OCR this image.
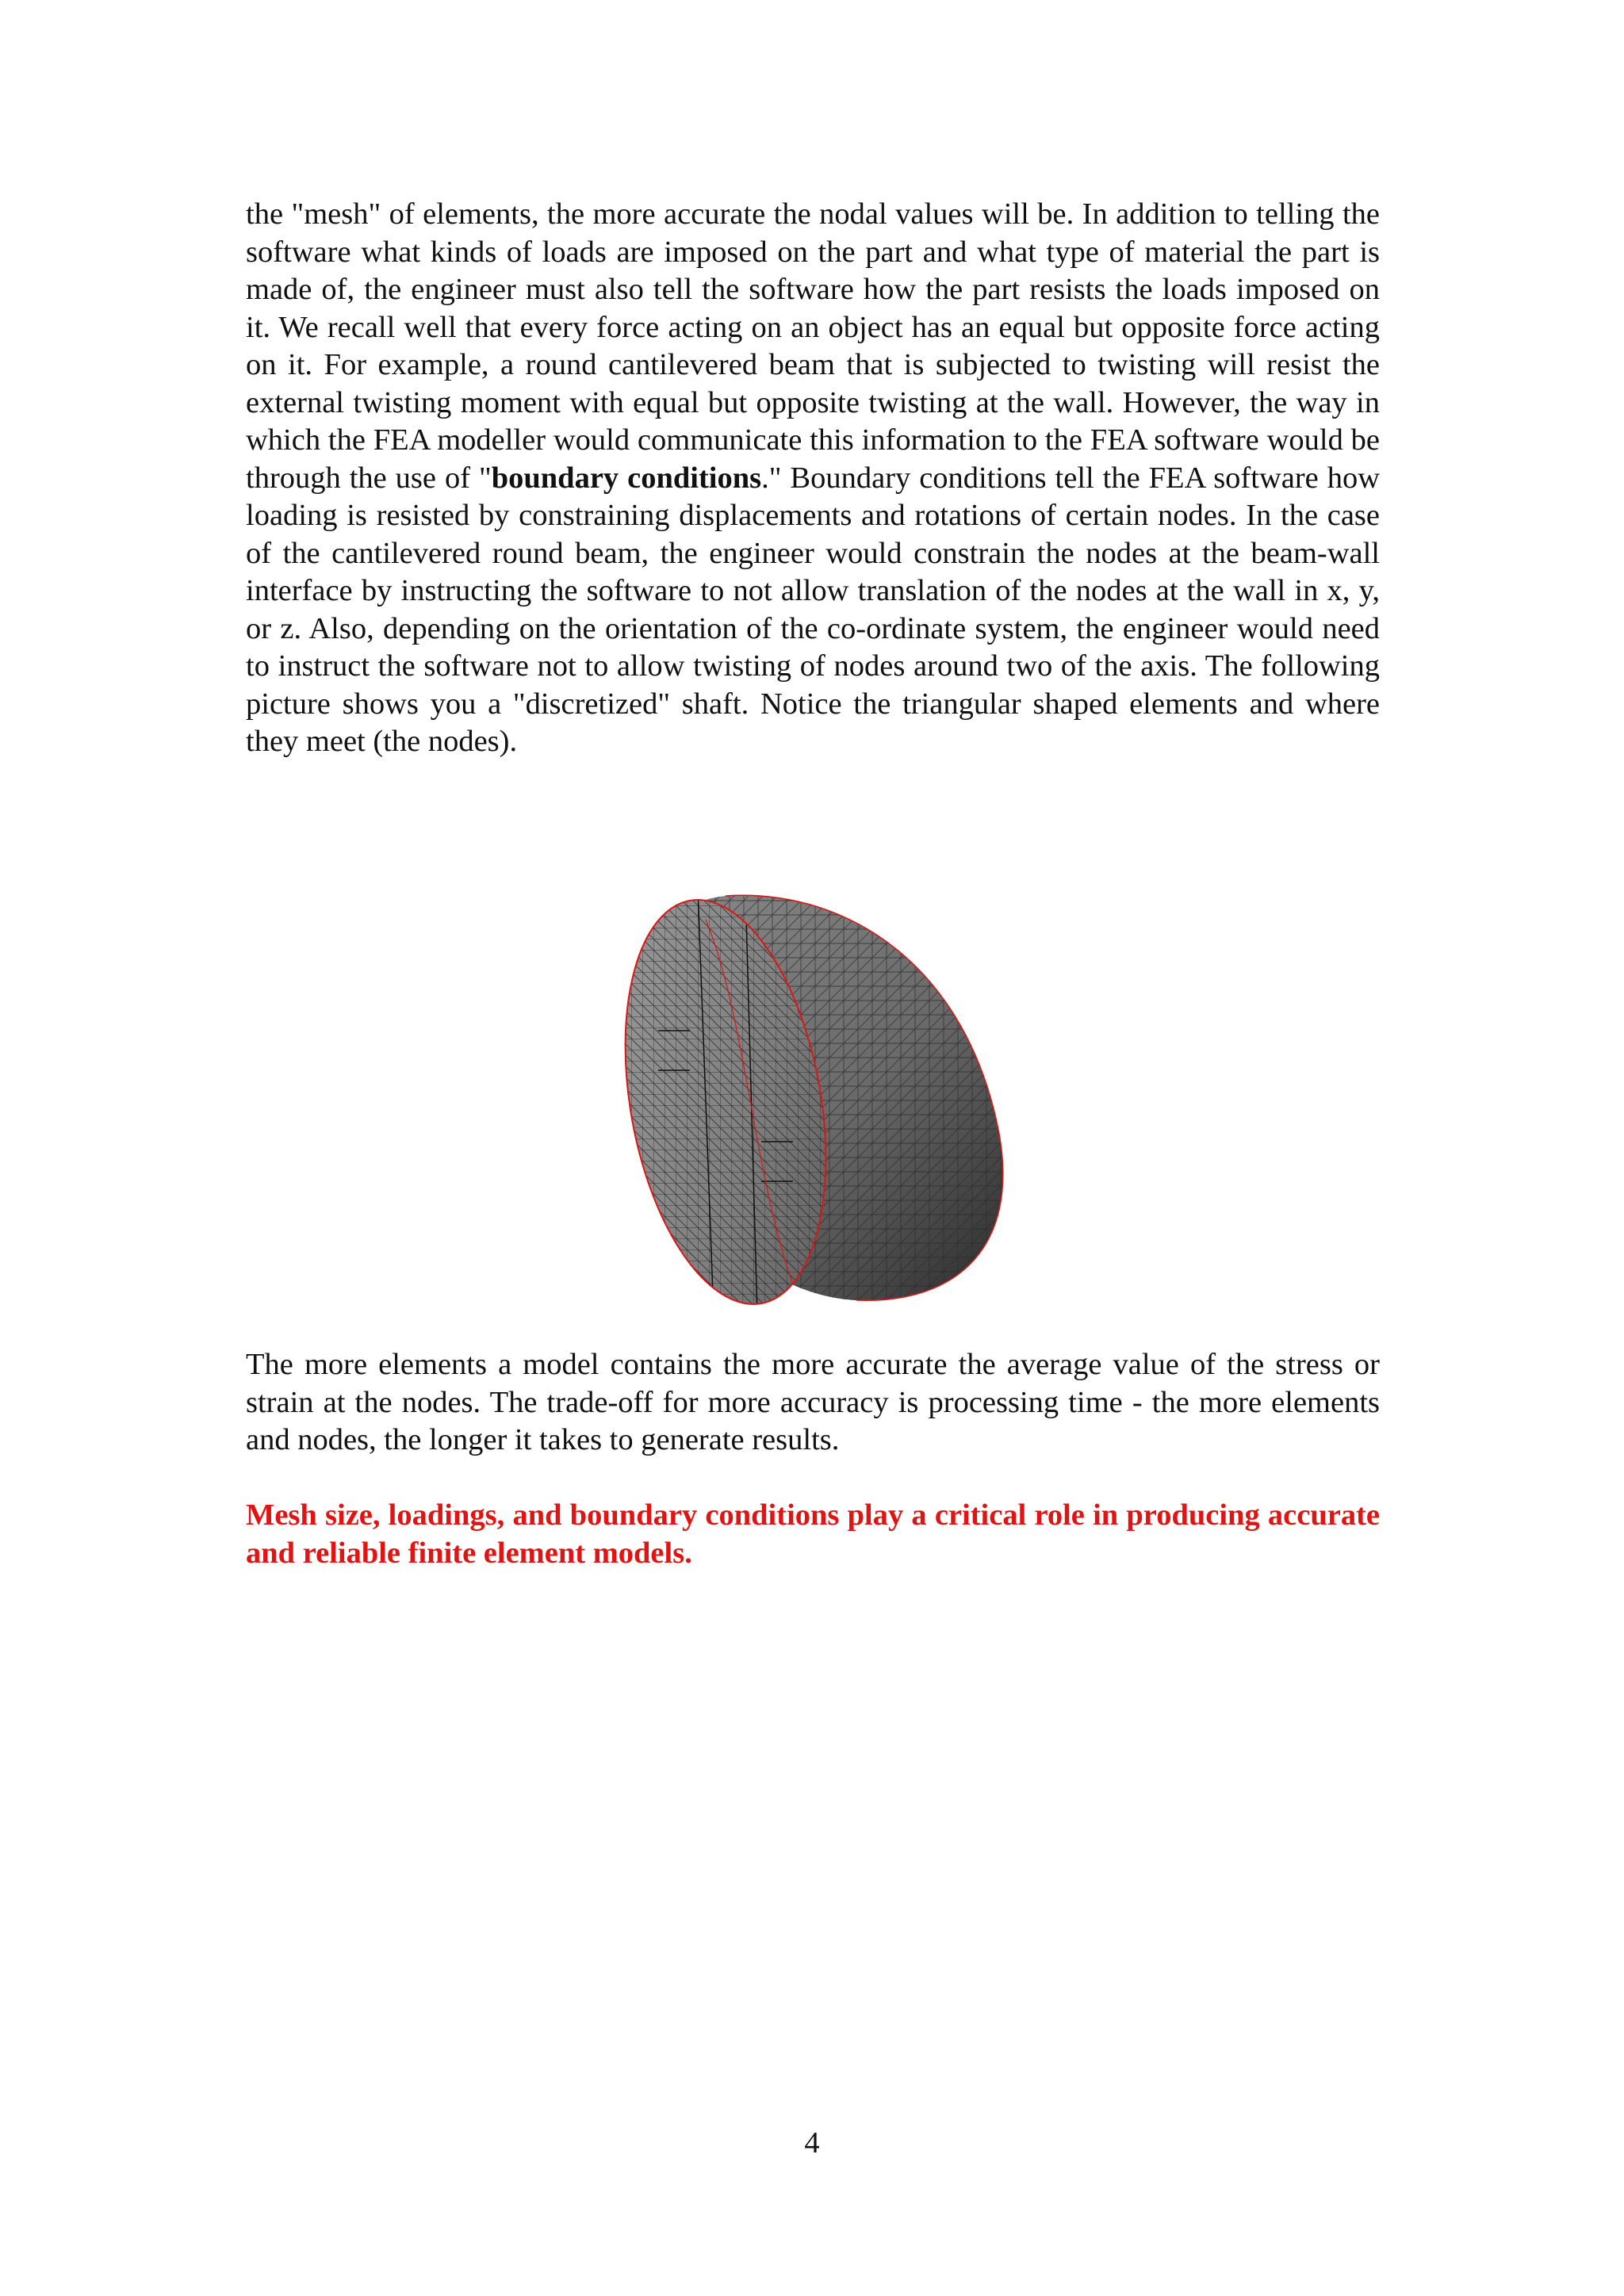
the "mesh" of elements, the more accurate the nodal values will be. In addition to telling the software what kinds of loads are imposed on the part and what type of material the part is made of, the engineer must also tell the software how the part resists the loads imposed on it. We recall well that every force acting on an object has an equal but opposite force acting on it. For example, a round cantilevered beam that is subjected to twisting will resist the external twisting moment with equal but opposite twisting at the wall. However, the way in which the FEA modeller would communicate this information to the FEA software would be through the use of "boundary conditions." Boundary conditions tell the FEA software how loading is resisted by constraining displacements and rotations of certain nodes. In the case of the cantilevered round beam, the engineer would constrain the nodes at the beam-wall interface by instructing the software to not allow translation of the nodes at the wall in x, y, or z. Also, depending on the orientation of the co-ordinate system, the engineer would need to instruct the software not to allow twisting of nodes around two of the axis. The following picture shows you a "discretized" shaft. Notice the triangular shaped elements and where they meet (the nodes).

The more elements a model contains the more accurate the average value of the stress or strain at the nodes. The trade-off for more accuracy is processing time - the more elements and nodes, the longer it takes to generate results.

Mesh size, loadings, and boundary conditions play a critical role in producing accurate and reliable finite element models.

4
